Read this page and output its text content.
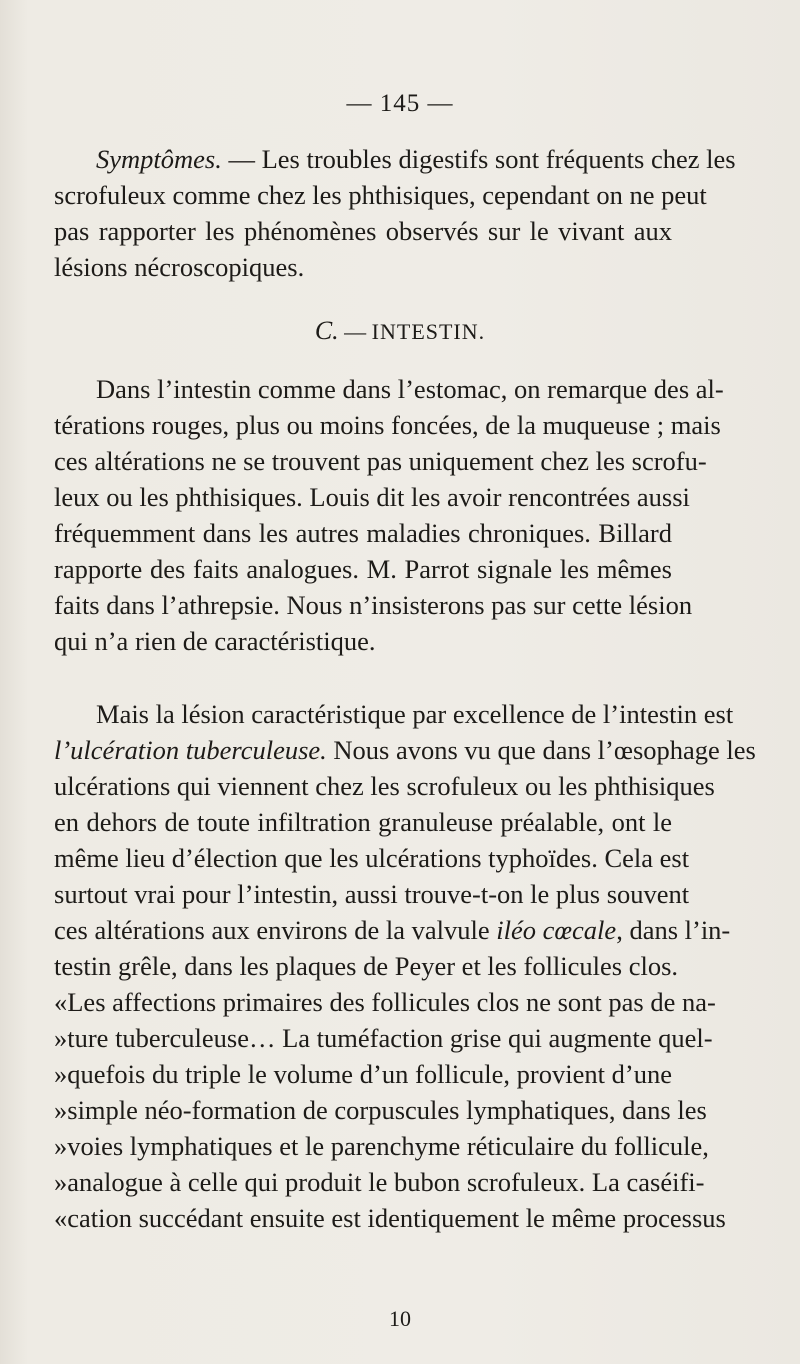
— 145 —
Symptômes. — Les troubles digestifs sont fréquents chez les
scrofuleux comme chez les phthisiques, cependant on ne peut
pas rapporter les phénomènes observés sur le vivant aux
lésions nécroscopiques.
C. — INTESTIN.
Dans l’intestin comme dans l’estomac, on remarque des al-
térations rouges, plus ou moins foncées, de la muqueuse ; mais
ces altérations ne se trouvent pas uniquement chez les scrofu-
leux ou les phthisiques. Louis dit les avoir rencontrées aussi
fréquemment dans les autres maladies chroniques. Billard
rapporte des faits analogues. M. Parrot signale les mêmes
faits dans l’athrepsie. Nous n’insisterons pas sur cette lésion
qui n’a rien de caractéristique.
Mais la lésion caractéristique par excellence de l’intestin est
l’ulcération tuberculeuse. Nous avons vu que dans l’œsophage les
ulcérations qui viennent chez les scrofuleux ou les phthisiques
en dehors de toute infiltration granuleuse préalable, ont le
même lieu d’élection que les ulcérations typhoïdes. Cela est
surtout vrai pour l’intestin, aussi trouve-t-on le plus souvent
ces altérations aux environs de la valvule iléo cœcale, dans l’in-
testin grêle, dans les plaques de Peyer et les follicules clos.
«Les affections primaires des follicules clos ne sont pas de na-
»ture tuberculeuse… La tuméfaction grise qui augmente quel-
»quefois du triple le volume d’un follicule, provient d’une
»simple néo-formation de corpuscules lymphatiques, dans les
»voies lymphatiques et le parenchyme réticulaire du follicule,
»analogue à celle qui produit le bubon scrofuleux. La caséifi-
«cation succédant ensuite est identiquement le même processus
10
